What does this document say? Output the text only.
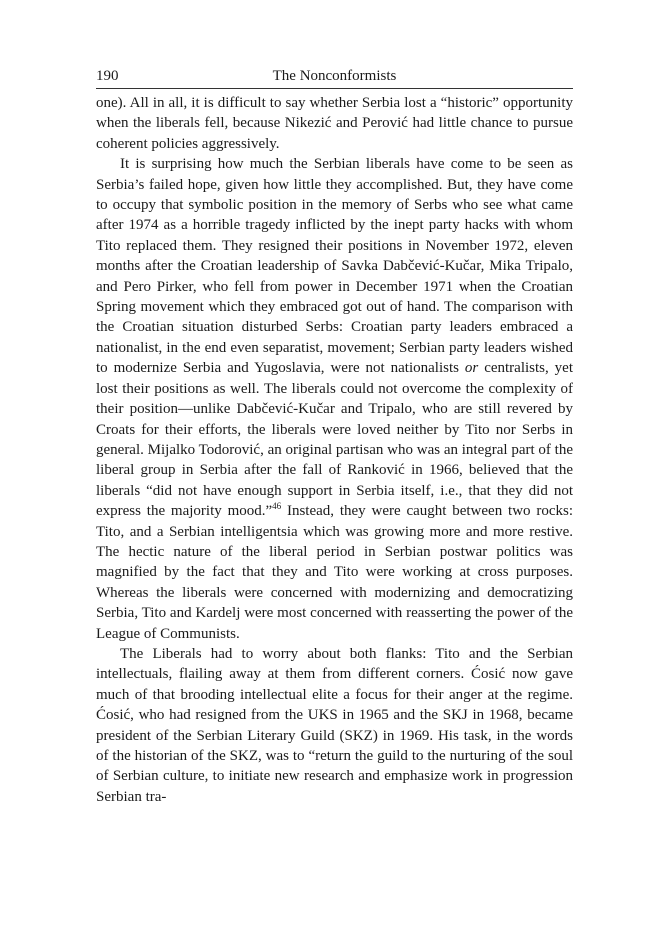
190	The Nonconformists

one). All in all, it is difficult to say whether Serbia lost a “historic” opportunity when the liberals fell, because Nikezić and Perović had little chance to pursue coherent policies aggressively.

It is surprising how much the Serbian liberals have come to be seen as Serbia’s failed hope, given how little they accomplished. But, they have come to occupy that symbolic position in the memory of Serbs who see what came after 1974 as a horrible tragedy inflicted by the inept party hacks with whom Tito replaced them. They resigned their positions in November 1972, eleven months after the Croatian leadership of Savka Dabčević-Kučar, Mika Tripalo, and Pero Pirker, who fell from power in December 1971 when the Croatian Spring movement which they embraced got out of hand. The comparison with the Croatian situation disturbed Serbs: Croatian party leaders embraced a nationalist, in the end even separatist, movement; Serbian party leaders wished to modernize Serbia and Yugoslavia, were not nationalists or centralists, yet lost their positions as well. The liberals could not overcome the complexity of their position—unlike Dabčević-Kučar and Tripalo, who are still revered by Croats for their efforts, the liberals were loved neither by Tito nor Serbs in general. Mijalko Todorović, an original partisan who was an integral part of the liberal group in Serbia after the fall of Ranković in 1966, believed that the liberals “did not have enough support in Serbia itself, i.e., that they did not express the majority mood.”$^{46}$ Instead, they were caught between two rocks: Tito, and a Serbian intelligentsia which was growing more and more restive. The hectic nature of the liberal period in Serbian postwar politics was magnified by the fact that they and Tito were working at cross purposes. Whereas the liberals were concerned with modernizing and democratizing Serbia, Tito and Kardelj were most concerned with reasserting the power of the League of Communists.

The Liberals had to worry about both flanks: Tito and the Serbian intellectuals, flailing away at them from different corners. Ćosić now gave much of that brooding intellectual elite a focus for their anger at the regime. Ćosić, who had resigned from the UKS in 1965 and the SKJ in 1968, became president of the Serbian Literary Guild (SKZ) in 1969. His task, in the words of the historian of the SKZ, was to “return the guild to the nurturing of the soul of Serbian culture, to initiate new research and emphasize work in progression Serbian tra-
